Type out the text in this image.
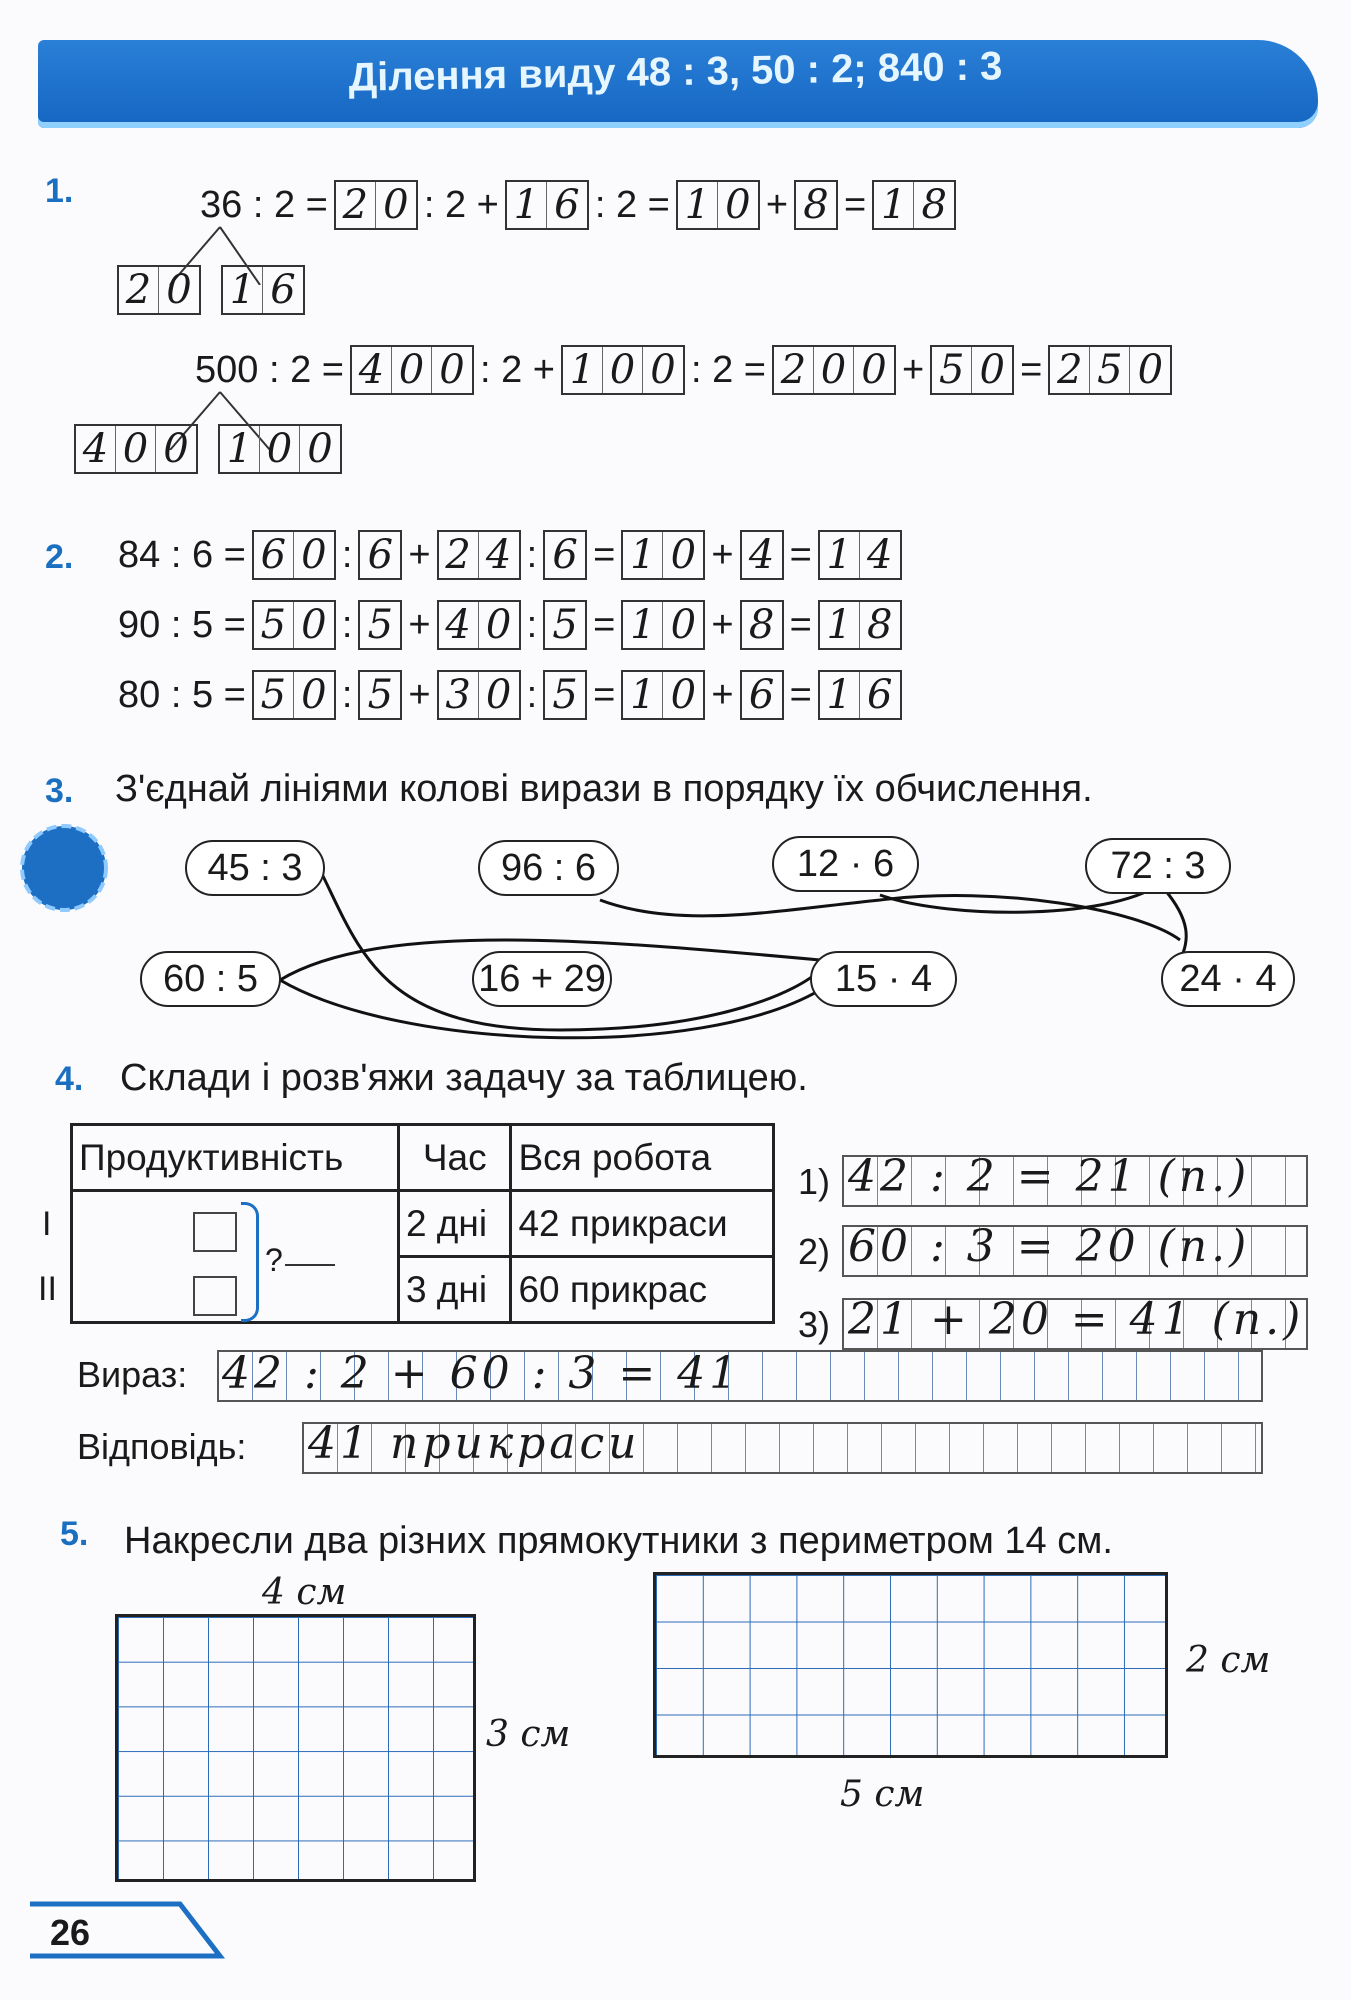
Ділення виду 48 : 3, 50 : 2; 840 : 3
1.	36 : 2 = 2 0 : 2 + 1 6 : 2 = 1 0 + 8 = 1 8
2 0 1 6
500 : 2 = 4 0 0 : 2 + 1 0 0 : 2 = 2 0 0 + 5 0 = 2 5 0
4 0 0 1 0 0
2. 84 : 6 = 6 0 : 6 + 2 4 : 6 = 1 0 + 4 = 1 4
90 : 5 = 5 0 : 5 + 4 0 : 5 = 1 0 + 8 = 1 8
80 : 5 = 5 0 : 5 + 3 0 : 5 = 1 0 + 6 = 1 6
3. З'єднай лініями колові вирази в порядку їх обчислення.
45 : 3	96 : 6	12 · 6	72 : 3
60 : 5	16 + 29	15 · 4	24 · 4
4. Склади і розв'яжи задачу за таблицею.
I
II
Продуктивність	Час	Вся робота

?	2 дні	42 прикраси
	3 дні	60 прикрас
1) 42 : 2 = 21 (п.)
2) 60 : 3 = 20 (п.)
3) 21 + 20 = 41 (п.)
Вираз: 42 : 2 + 60 : 3 = 41
Відповідь: 41 прикраси
5. Накресли два різних прямокутники з периметром 14 см.
4 см
3 см
2 см
5 см
26
